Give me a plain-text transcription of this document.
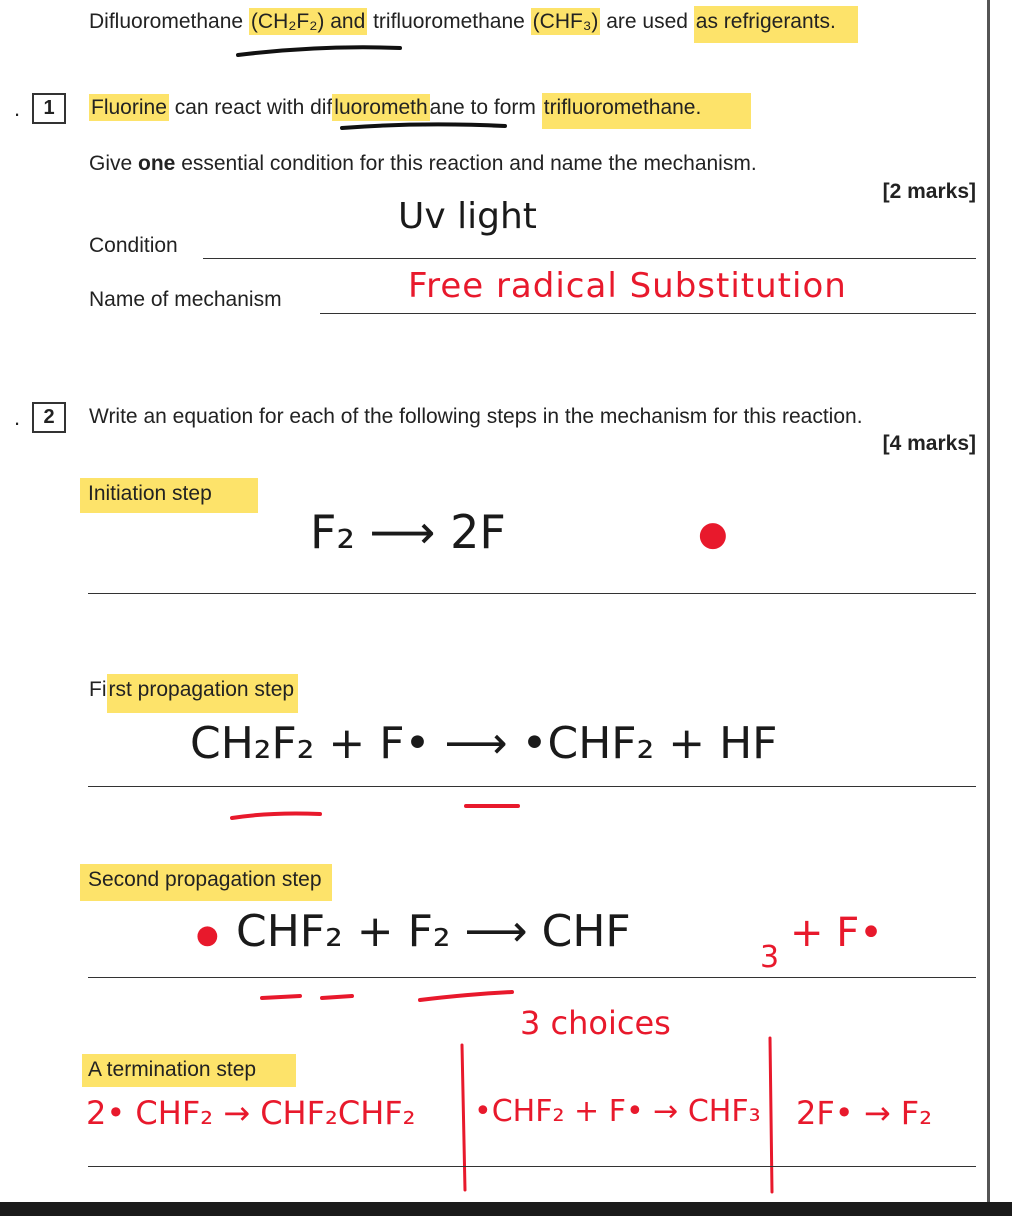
Difluoromethane (CH₂F₂) and trifluoromethane (CHF₃) are used as refrigerants.
.	1	Fluorine can react with difluoromethane to form trifluoromethane.
Give one essential condition for this reaction and name the mechanism.
[2 marks]
Condition
Uv light
Name of mechanism	Free radical Substitution
.	2	Write an equation for each of the following steps in the mechanism for this reaction.
[4 marks]
Initiation step
F₂ ⟶ 2F	●
First propagation step
CH₂F₂ + F• ⟶ •CHF₂ + HF
Second propagation step
● CHF₂ + F₂ ⟶ CHF
3
+ F•
3 choices
A termination step
2• CHF₂ → CHF₂CHF₂ •CHF₂ + F• → CHF₃ 2F• → F₂
